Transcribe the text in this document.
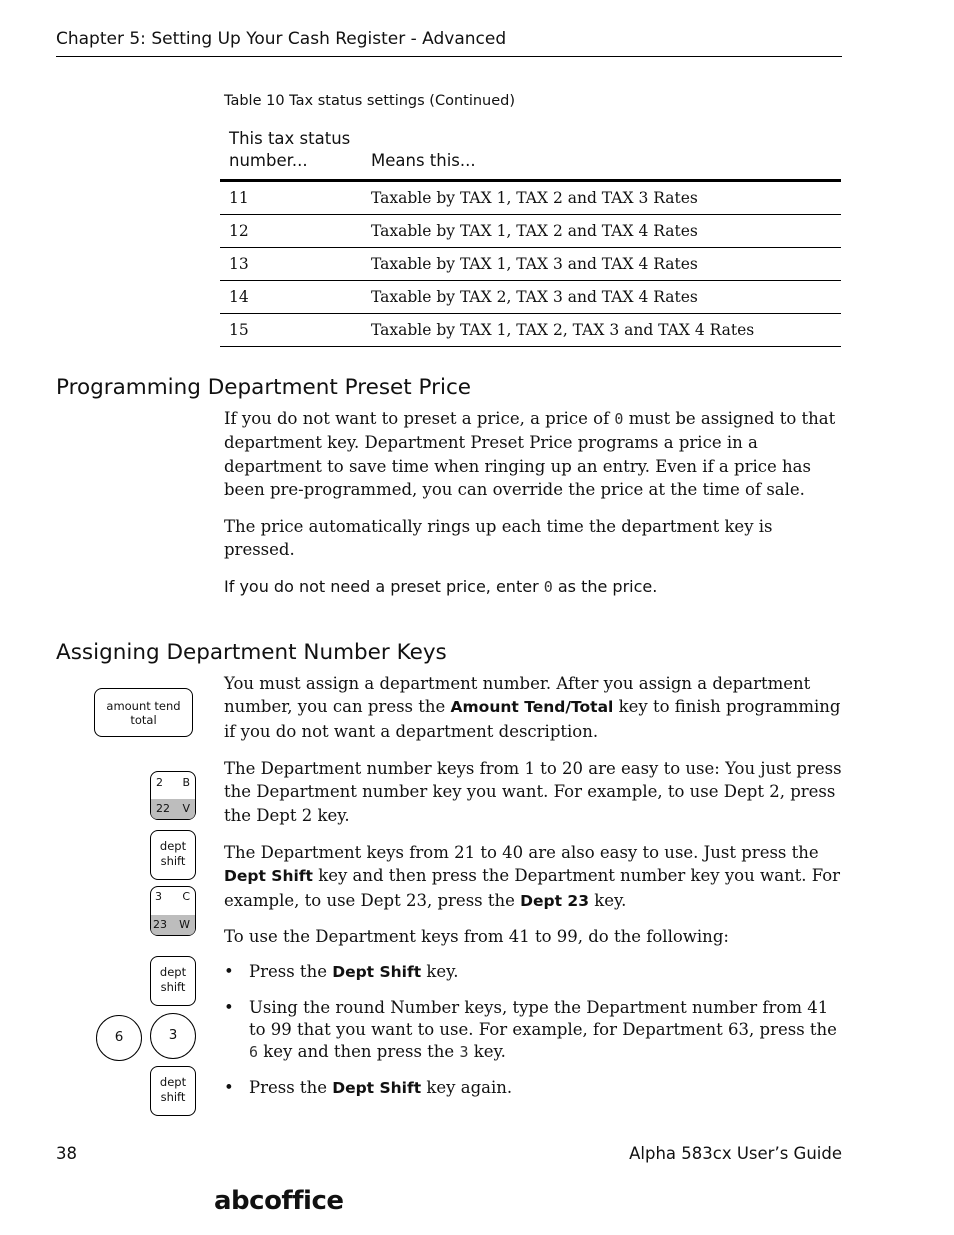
Chapter 5: Setting Up Your Cash Register - Advanced
Table 10 Tax status settings (Continued)
This tax status number...	Means this...
11	Taxable by TAX 1, TAX 2 and TAX 3 Rates
12	Taxable by TAX 1, TAX 2 and TAX 4 Rates
13	Taxable by TAX 1, TAX 3 and TAX 4 Rates
14	Taxable by TAX 2, TAX 3 and TAX 4 Rates
15	Taxable by TAX 1, TAX 2, TAX 3 and TAX 4 Rates
Programming Department Preset Price

If you do not want to preset a price, a price of 0 must be assigned to that department key. Department Preset Price programs a price in a department to save time when ringing up an entry. Even if a price has been pre-programmed, you can override the price at the time of sale.

The price automatically rings up each time the department key is pressed.

If you do not need a preset price, enter 0 as the price.
Assigning Department Number Keys

You must assign a department number. After you assign a department number, you can press the Amount Tend/Total key to finish programming if you do not want a department description.

The Department number keys from 1 to 20 are easy to use: You just press the Department number key you want. For example, to use Dept 2, press the Dept 2 key.

The Department keys from 21 to 40 are also easy to use. Just press the Dept Shift key and then press the Department number key you want. For example, to use Dept 23, press the Dept 23 key.

To use the Department keys from 41 to 99, do the following:

• Press the Dept Shift key.
• Using the round Number keys, type the Department number from 41 to 99 that you want to use. For example, for Department 63, press the 6 key and then press the 3 key.
• Press the Dept Shift key again.
amount tend
total
2 B
22 V
dept
shift
3 C
23 W
dept
shift
6	3
dept
shift
38	Alpha 583cx User’s Guide
abcoffice
